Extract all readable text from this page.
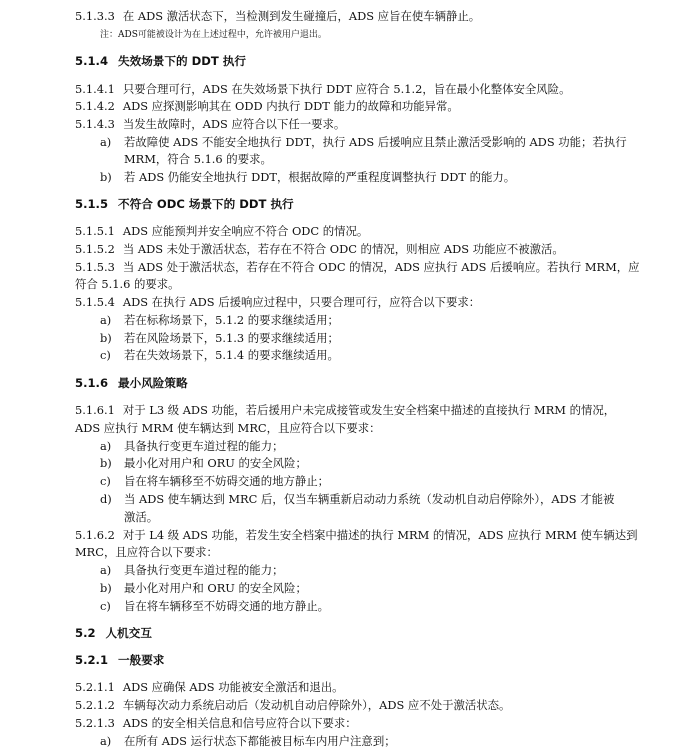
5.1.3.3 在 ADS 激活状态下，当检测到发生碰撞后，ADS 应旨在使车辆静止。
注：ADS可能被设计为在上述过程中，允许被用户退出。
5.1.4 失效场景下的 DDT 执行
5.1.4.1 只要合理可行，ADS 在失效场景下执行 DDT 应符合 5.1.2，旨在最小化整体安全风险。
5.1.4.2 ADS 应探测影响其在 ODD 内执行 DDT 能力的故障和功能异常。
5.1.4.3 当发生故障时，ADS 应符合以下任一要求。
a) 若故障使 ADS 不能安全地执行 DDT，执行 ADS 后援响应且禁止激活受影响的 ADS 功能；若执行
MRM，符合 5.1.6 的要求。
b) 若 ADS 仍能安全地执行 DDT，根据故障的严重程度调整执行 DDT 的能力。
5.1.5 不符合 ODC 场景下的 DDT 执行
5.1.5.1 ADS 应能预判并安全响应不符合 ODC 的情况。
5.1.5.2 当 ADS 未处于激活状态，若存在不符合 ODC 的情况，则相应 ADS 功能应不被激活。
5.1.5.3 当 ADS 处于激活状态，若存在不符合 ODC 的情况，ADS 应执行 ADS 后援响应。若执行 MRM，应
符合 5.1.6 的要求。
5.1.5.4 ADS 在执行 ADS 后援响应过程中，只要合理可行，应符合以下要求：
a) 若在标称场景下，5.1.2 的要求继续适用；
b) 若在风险场景下，5.1.3 的要求继续适用；
c) 若在失效场景下，5.1.4 的要求继续适用。
5.1.6 最小风险策略
5.1.6.1 对于 L3 级 ADS 功能，若后援用户未完成接管或发生安全档案中描述的直接执行 MRM 的情况，
ADS 应执行 MRM 使车辆达到 MRC，且应符合以下要求：
a) 具备执行变更车道过程的能力；
b) 最小化对用户和 ORU 的安全风险；
c) 旨在将车辆移至不妨碍交通的地方静止；
d) 当 ADS 使车辆达到 MRC 后，仅当车辆重新启动动力系统（发动机自动启停除外），ADS 才能被
激活。
5.1.6.2 对于 L4 级 ADS 功能，若发生安全档案中描述的执行 MRM 的情况，ADS 应执行 MRM 使车辆达到
MRC，且应符合以下要求：
a) 具备执行变更车道过程的能力；
b) 最小化对用户和 ORU 的安全风险；
c) 旨在将车辆移至不妨碍交通的地方静止。
5.2 人机交互
5.2.1 一般要求
5.2.1.1 ADS 应确保 ADS 功能被安全激活和退出。
5.2.1.2 车辆每次动力系统启动后（发动机自动启停除外），ADS 应不处于激活状态。
5.2.1.3 ADS 的安全相关信息和信号应符合以下要求：
a) 在所有 ADS 运行状态下都能被目标车内用户注意到；
